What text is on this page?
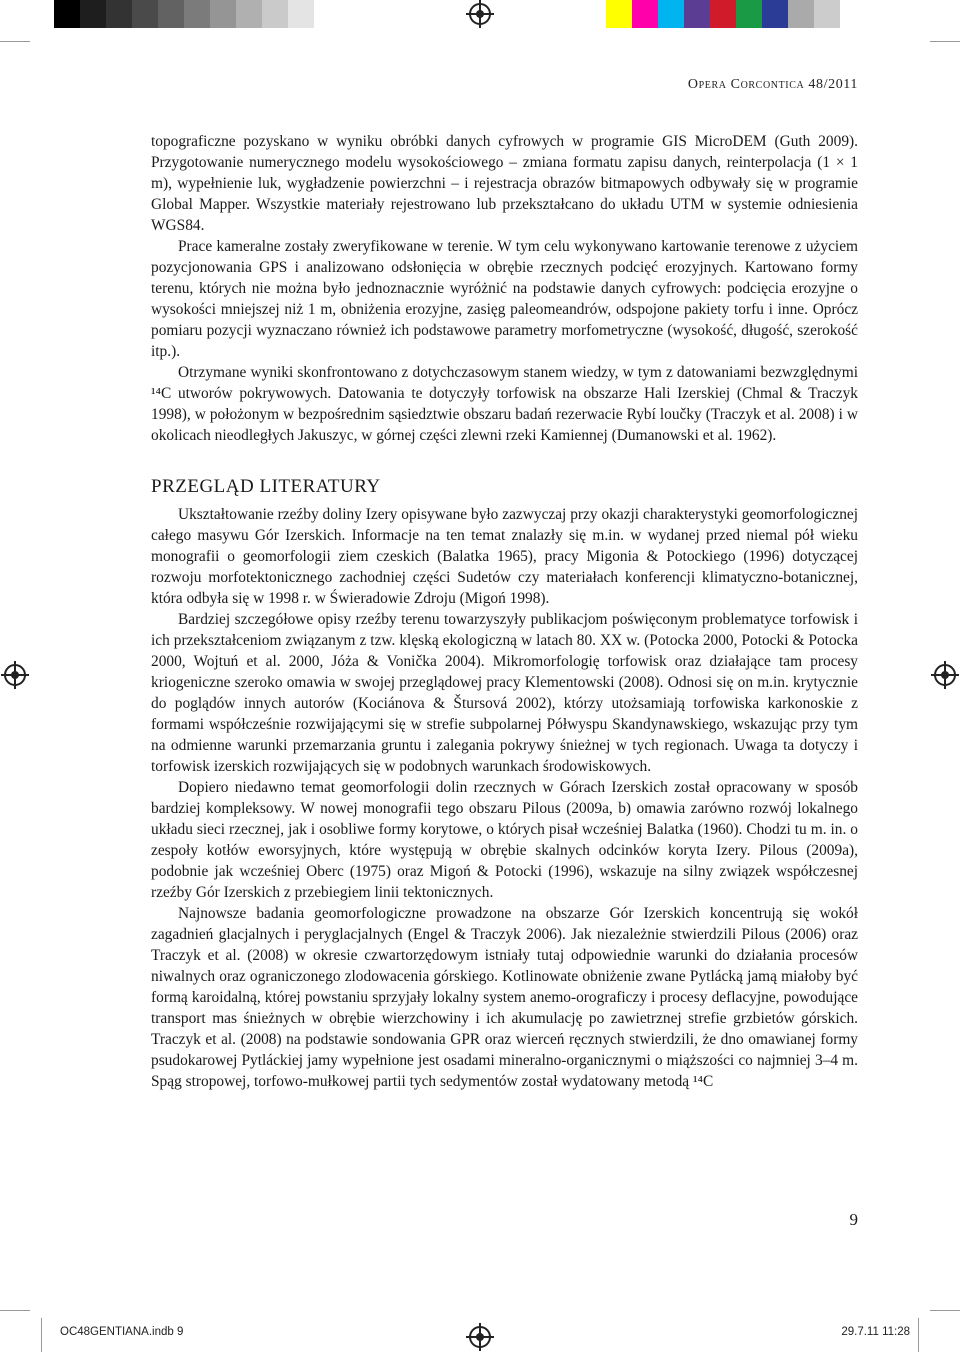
Opera Corcontica 48/2011

topograficzne pozyskano w wyniku obróbki danych cyfrowych w programie GIS MicroDEM (Guth 2009). Przygotowanie numerycznego modelu wysokościowego – zmiana formatu zapisu danych, reinterpolacja (1 × 1 m), wypełnienie luk, wygładzenie powierzchni – i rejestracja obrazów bitmapowych odbywały się w programie Global Mapper. Wszystkie materiały rejestrowano lub przekształcano do układu UTM w systemie odniesienia WGS84.

Prace kameralne zostały zweryfikowane w terenie. W tym celu wykonywano kartowanie terenowe z użyciem pozycjonowania GPS i analizowano odsłonięcia w obrębie rzecznych podcięć erozyjnych. Kartowano formy terenu, których nie można było jednoznacznie wyróżnić na podstawie danych cyfrowych: podcięcia erozyjne o wysokości mniejszej niż 1 m, obniżenia erozyjne, zasięg paleomeandrów, odspojone pakiety torfu i inne. Oprócz pomiaru pozycji wyznaczano również ich podstawowe parametry morfometryczne (wysokość, długość, szerokość itp.).

Otrzymane wyniki skonfrontowano z dotychczasowym stanem wiedzy, w tym z datowaniami bezwzględnymi ¹⁴C utworów pokrywowych. Datowania te dotyczyły torfowisk na obszarze Hali Izerskiej (Chmal & Traczyk 1998), w położonym w bezpośrednim sąsiedztwie obszaru badań rezerwacie Rybí loučky (Traczyk et al. 2008) i w okolicach nieodległych Jakuszyc, w górnej części zlewni rzeki Kamiennej (Dumanowski et al. 1962).

PRZEGLĄD LITERATURY

Ukształtowanie rzeźby doliny Izery opisywane było zazwyczaj przy okazji charakterystyki geomorfologicznej całego masywu Gór Izerskich. Informacje na ten temat znalazły się m.in. w wydanej przed niemal pół wieku monografii o geomorfologii ziem czeskich (Balatka 1965), pracy Migonia & Potockiego (1996) dotyczącej rozwoju morfotektonicznego zachodniej części Sudetów czy materiałach konferencji klimatyczno-botanicznej, która odbyła się w 1998 r. w Świeradowie Zdroju (Migoń 1998).

Bardziej szczegółowe opisy rzeźby terenu towarzyszyły publikacjom poświęconym problematyce torfowisk i ich przekształceniom związanym z tzw. klęską ekologiczną w latach 80. XX w. (Potocka 2000, Potocki & Potocka 2000, Wojtuń et al. 2000, Jóża & Vonička 2004). Mikromorfologię torfowisk oraz działające tam procesy kriogeniczne szeroko omawia w swojej przeglądowej pracy Klementowski (2008). Odnosi się on m.in. krytycznie do poglądów innych autorów (Kociánova & Štursová 2002), którzy utożsamiają torfowiska karkonoskie z formami współcześnie rozwijającymi się w strefie subpolarnej Półwyspu Skandynawskiego, wskazując przy tym na odmienne warunki przemarzania gruntu i zalegania pokrywy śnieżnej w tych regionach. Uwaga ta dotyczy i torfowisk izerskich rozwijających się w podobnych warunkach środowiskowych.

Dopiero niedawno temat geomorfologii dolin rzecznych w Górach Izerskich został opracowany w sposób bardziej kompleksowy. W nowej monografii tego obszaru Pilous (2009a, b) omawia zarówno rozwój lokalnego układu sieci rzecznej, jak i osobliwe formy korytowe, o których pisał wcześniej Balatka (1960). Chodzi tu m. in. o zespoły kotłów eworsyjnych, które występują w obrębie skalnych odcinków koryta Izery. Pilous (2009a), podobnie jak wcześniej Oberc (1975) oraz Migoń & Potocki (1996), wskazuje na silny związek współczesnej rzeźby Gór Izerskich z przebiegiem linii tektonicznych.

Najnowsze badania geomorfologiczne prowadzone na obszarze Gór Izerskich koncentrują się wokół zagadnień glacjalnych i peryglacjalnych (Engel & Traczyk 2006). Jak niezależnie stwierdzili Pilous (2006) oraz Traczyk et al. (2008) w okresie czwartorzędowym istniały tutaj odpowiednie warunki do działania procesów niwalnych oraz ograniczonego zlodowacenia górskiego. Kotlinowate obniżenie zwane Pytlácką jamą miałoby być formą karoidalną, której powstaniu sprzyjały lokalny system anemo-orograficzy i procesy deflacyjne, powodujące transport mas śnieżnych w obrębie wierzchowiny i ich akumulację po zawietrznej strefie grzbietów górskich. Traczyk et al. (2008) na podstawie sondowania GPR oraz wierceń ręcznych stwierdzili, że dno omawianej formy psudokarowej Pytláckiej jamy wypełnione jest osadami mineralno-organicznymi o miąższości co najmniej 3–4 m. Spąg stropowej, torfowo-mułkowej partii tych sedymentów został wydatowany metodą ¹⁴C

9
OC48GENTIANA.indb 9	29.7.11 11:28
